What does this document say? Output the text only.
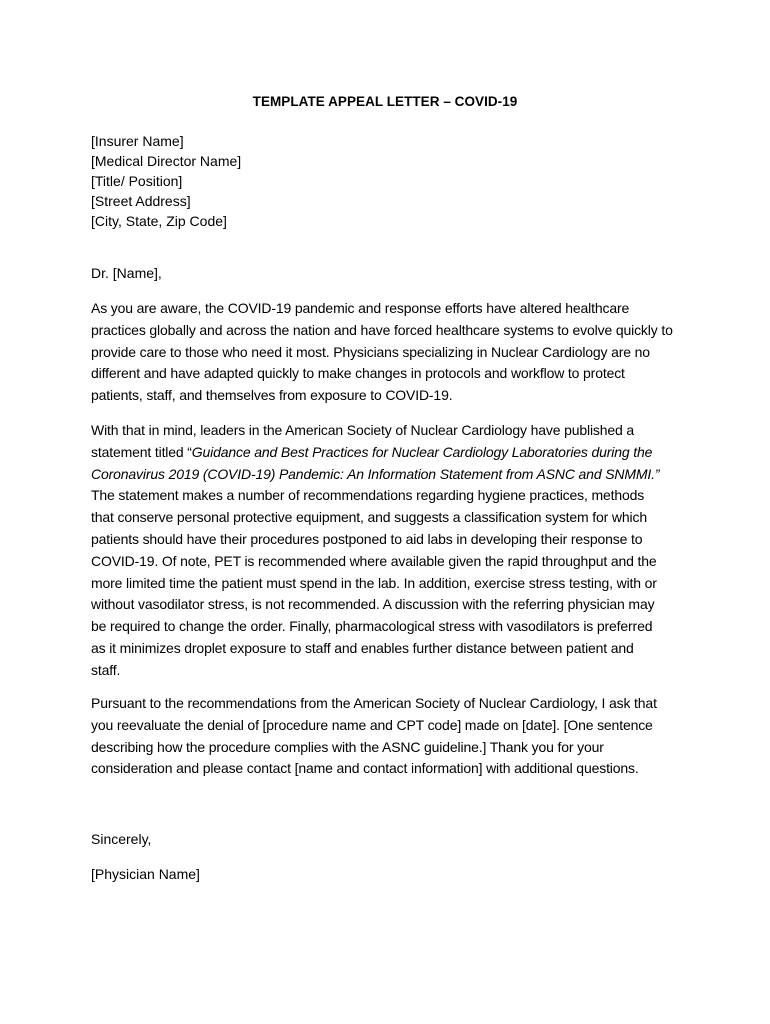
TEMPLATE APPEAL LETTER – COVID-19
[Insurer Name]
[Medical Director Name]
[Title/ Position]
[Street Address]
[City, State, Zip Code]
Dr. [Name],
As you are aware, the COVID-19 pandemic and response efforts have altered healthcare
practices globally and across the nation and have forced healthcare systems to evolve quickly to
provide care to those who need it most. Physicians specializing in Nuclear Cardiology are no
different and have adapted quickly to make changes in protocols and workflow to protect
patients, staff, and themselves from exposure to COVID-19.
With that in mind, leaders in the American Society of Nuclear Cardiology have published a
statement titled “Guidance and Best Practices for Nuclear Cardiology Laboratories during the
Coronavirus 2019 (COVID-19) Pandemic: An Information Statement from ASNC and SNMMI.”
The statement makes a number of recommendations regarding hygiene practices, methods
that conserve personal protective equipment, and suggests a classification system for which
patients should have their procedures postponed to aid labs in developing their response to
COVID-19. Of note, PET is recommended where available given the rapid throughput and the
more limited time the patient must spend in the lab. In addition, exercise stress testing, with or
without vasodilator stress, is not recommended. A discussion with the referring physician may
be required to change the order. Finally, pharmacological stress with vasodilators is preferred
as it minimizes droplet exposure to staff and enables further distance between patient and
staff.
Pursuant to the recommendations from the American Society of Nuclear Cardiology, I ask that
you reevaluate the denial of [procedure name and CPT code] made on [date]. [One sentence
describing how the procedure complies with the ASNC guideline.] Thank you for your
consideration and please contact [name and contact information] with additional questions.
Sincerely,
[Physician Name]
